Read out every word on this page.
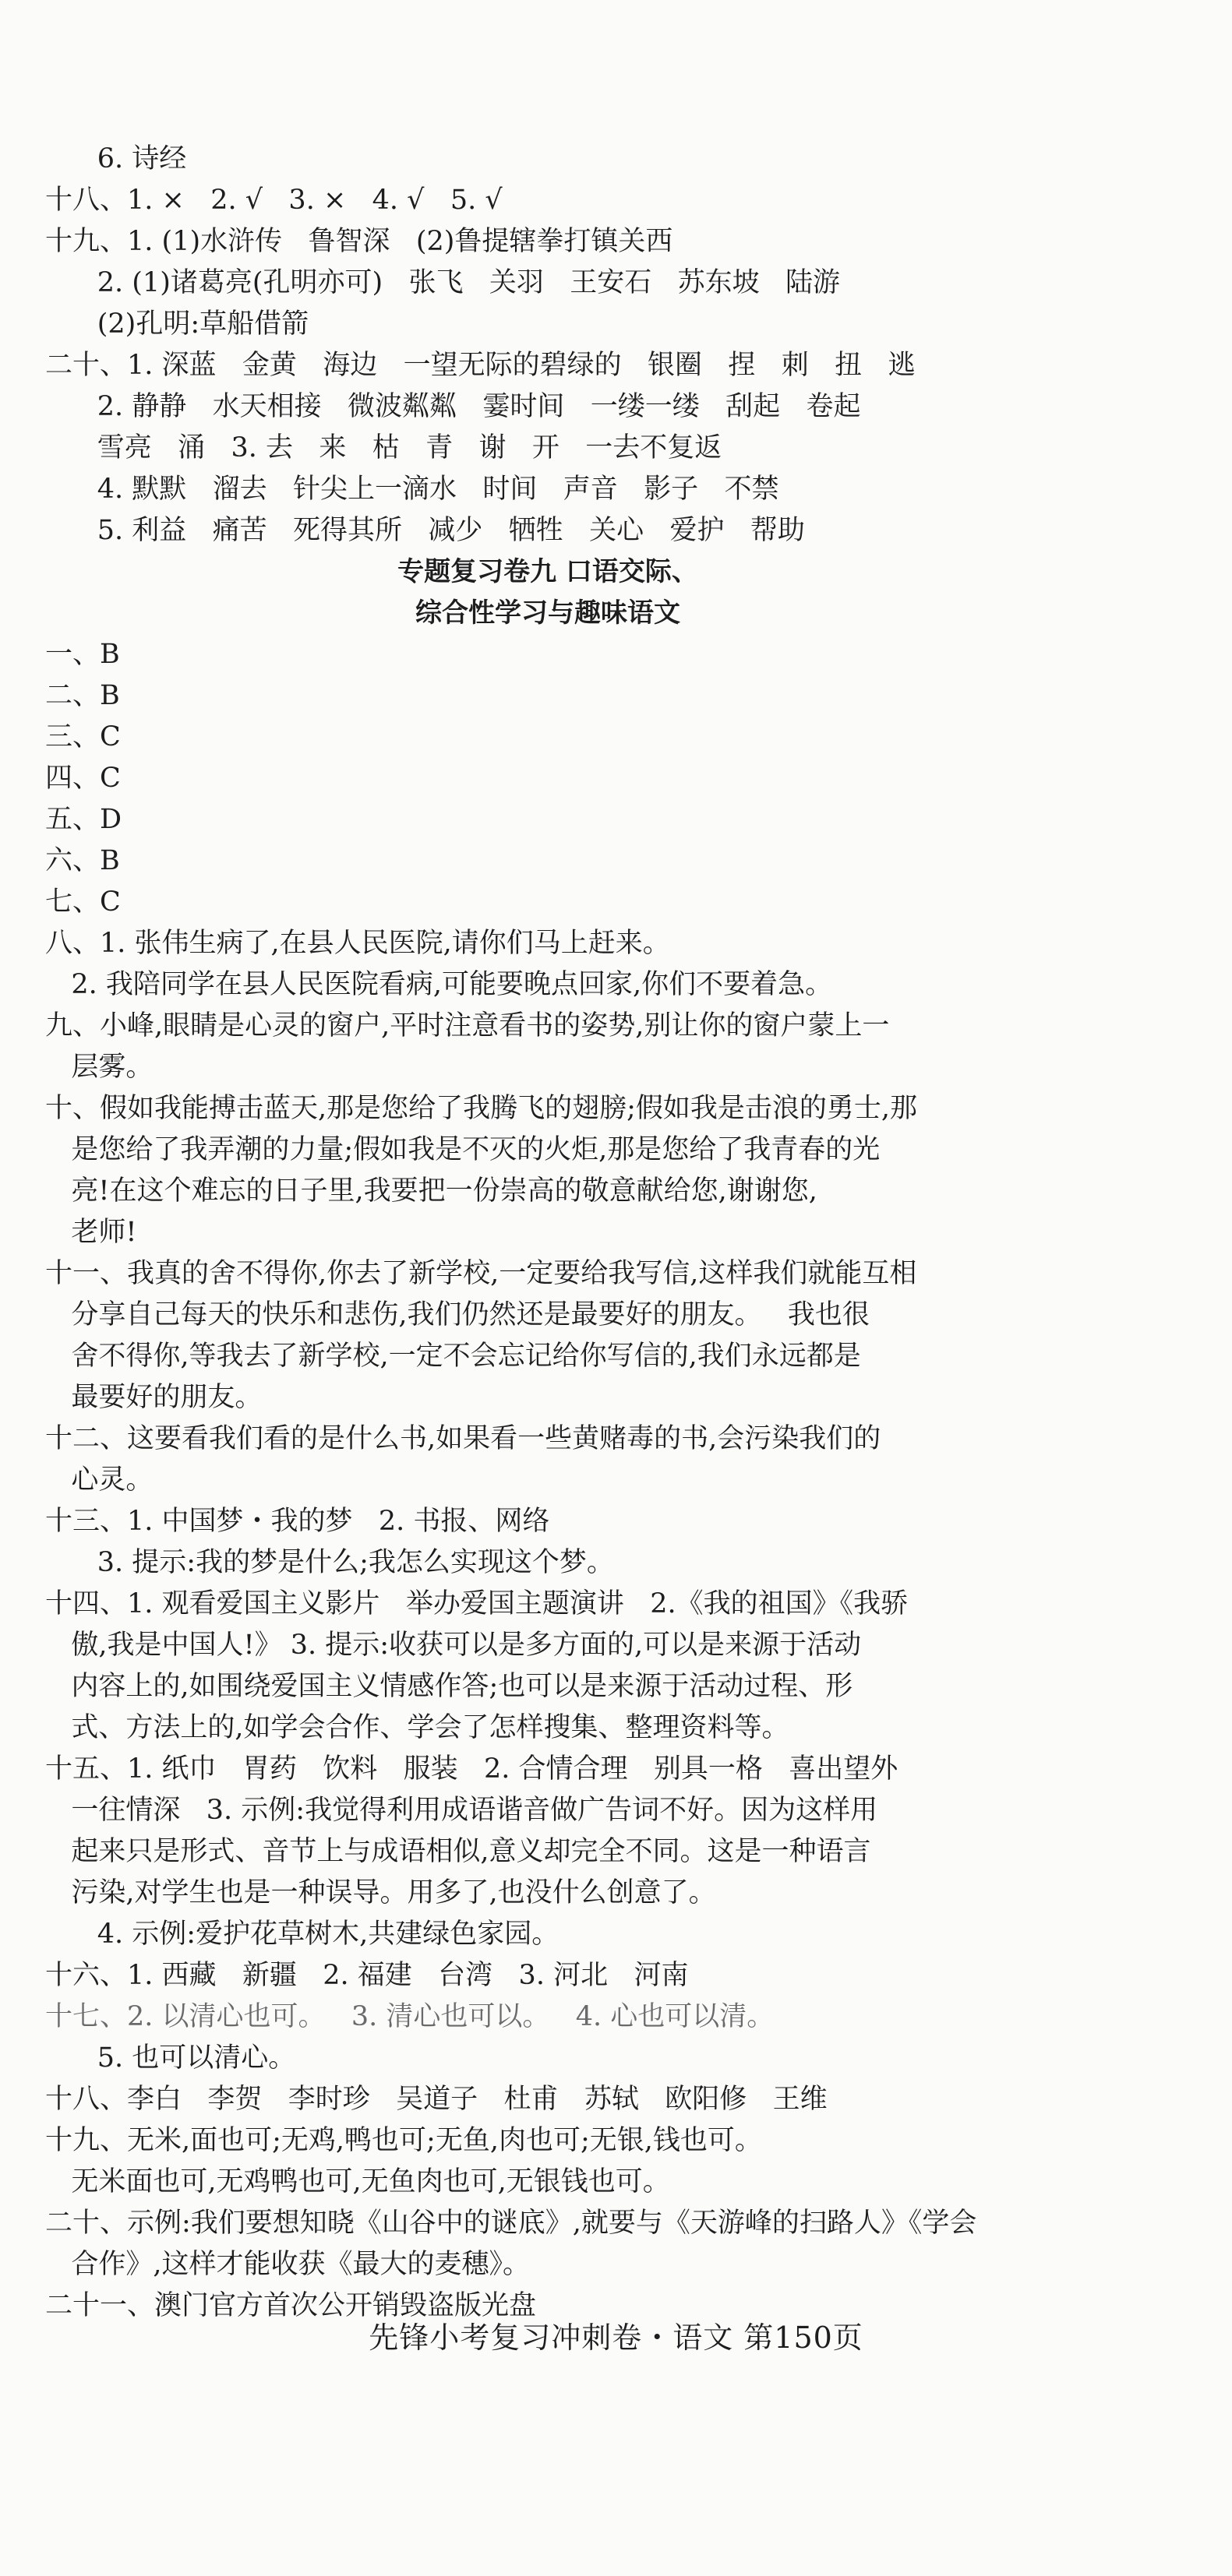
6. 诗经
十八、1. ×   2. √   3. ×   4. √   5. √
十九、1. (1)水浒传   鲁智深   (2)鲁提辖拳打镇关西
2. (1)诸葛亮(孔明亦可)   张飞   关羽   王安石   苏东坡   陆游
(2)孔明:草船借箭
二十、1. 深蓝   金黄   海边   一望无际的碧绿的   银圈   捏   刺   扭   逃
2. 静静   水天相接   微波粼粼   霎时间   一缕一缕   刮起   卷起
雪亮   涌   3. 去   来   枯   青   谢   开   一去不复返
4. 默默   溜去   针尖上一滴水   时间   声音   影子   不禁
5. 利益   痛苦   死得其所   减少   牺牲   关心   爱护   帮助
专题复习卷九 口语交际、
综合性学习与趣味语文
一、B
二、B
三、C
四、C
五、D
六、B
七、C
八、1. 张伟生病了,在县人民医院,请你们马上赶来。
2. 我陪同学在县人民医院看病,可能要晚点回家,你们不要着急。
九、小峰,眼睛是心灵的窗户,平时注意看书的姿势,别让你的窗户蒙上一
层雾。
十、假如我能搏击蓝天,那是您给了我腾飞的翅膀;假如我是击浪的勇士,那
是您给了我弄潮的力量;假如我是不灭的火炬,那是您给了我青春的光
亮!在这个难忘的日子里,我要把一份崇高的敬意献给您,谢谢您,
老师!
十一、我真的舍不得你,你去了新学校,一定要给我写信,这样我们就能互相
分享自己每天的快乐和悲伤,我们仍然还是最要好的朋友。   我也很
舍不得你,等我去了新学校,一定不会忘记给你写信的,我们永远都是
最要好的朋友。
十二、这要看我们看的是什么书,如果看一些黄赌毒的书,会污染我们的
心灵。
十三、1. 中国梦・我的梦   2. 书报、网络
3. 提示:我的梦是什么;我怎么实现这个梦。
十四、1. 观看爱国主义影片   举办爱国主题演讲   2.《我的祖国》《我骄
傲,我是中国人!》 3. 提示:收获可以是多方面的,可以是来源于活动
内容上的,如围绕爱国主义情感作答;也可以是来源于活动过程、形
式、方法上的,如学会合作、学会了怎样搜集、整理资料等。
十五、1. 纸巾   胃药   饮料   服装   2. 合情合理   别具一格   喜出望外
一往情深   3. 示例:我觉得利用成语谐音做广告词不好。因为这样用
起来只是形式、音节上与成语相似,意义却完全不同。这是一种语言
污染,对学生也是一种误导。用多了,也没什么创意了。
4. 示例:爱护花草树木,共建绿色家园。
十六、1. 西藏   新疆   2. 福建   台湾   3. 河北   河南
十七、2. 以清心也可。   3. 清心也可以。   4. 心也可以清。
5. 也可以清心。
十八、李白   李贺   李时珍   吴道子   杜甫   苏轼   欧阳修   王维
十九、无米,面也可;无鸡,鸭也可;无鱼,肉也可;无银,钱也可。
无米面也可,无鸡鸭也可,无鱼肉也可,无银钱也可。
二十、示例:我们要想知晓《山谷中的谜底》,就要与《天游峰的扫路人》《学会
合作》,这样才能收获《最大的麦穗》。
二十一、澳门官方首次公开销毁盗版光盘
先锋小考复习冲刺卷・语文 第150页
